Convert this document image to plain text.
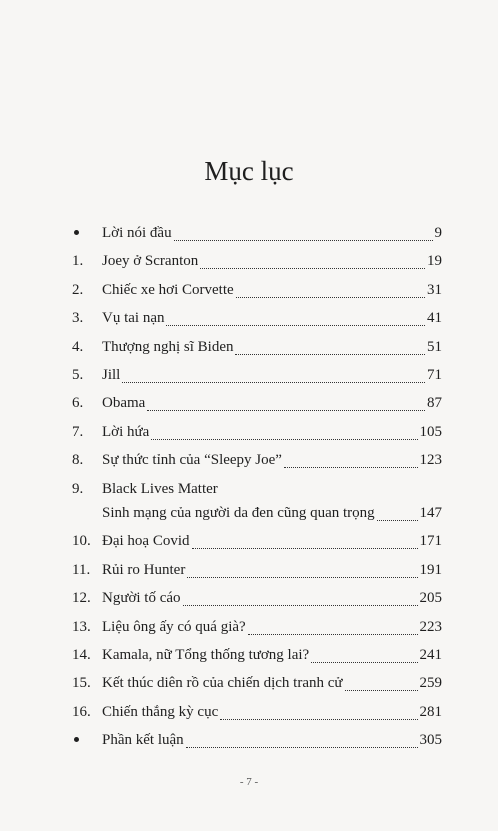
Mục lục
Lời nói đầu	9
1.	Joey ở Scranton	19
2.	Chiếc xe hơi Corvette	31
3.	Vụ tai nạn	41
4.	Thượng nghị sĩ Biden	51
5.	Jill	71
6.	Obama	87
7.	Lời hứa	105
8.	Sự thức tỉnh của “Sleepy Joe”	123
9.	Black Lives Matter
Sinh mạng của người da đen cũng quan trọng	147
10. Đại hoạ Covid	171
11. Rủi ro Hunter	191
12. Người tố cáo	205
13. Liệu ông ấy có quá già?	223
14. Kamala, nữ Tổng thống tương lai?	241
15. Kết thúc diên rồ của chiến dịch tranh cử	259
16. Chiến thắng kỳ cục	281
Phần kết luận	305
- 7 -
